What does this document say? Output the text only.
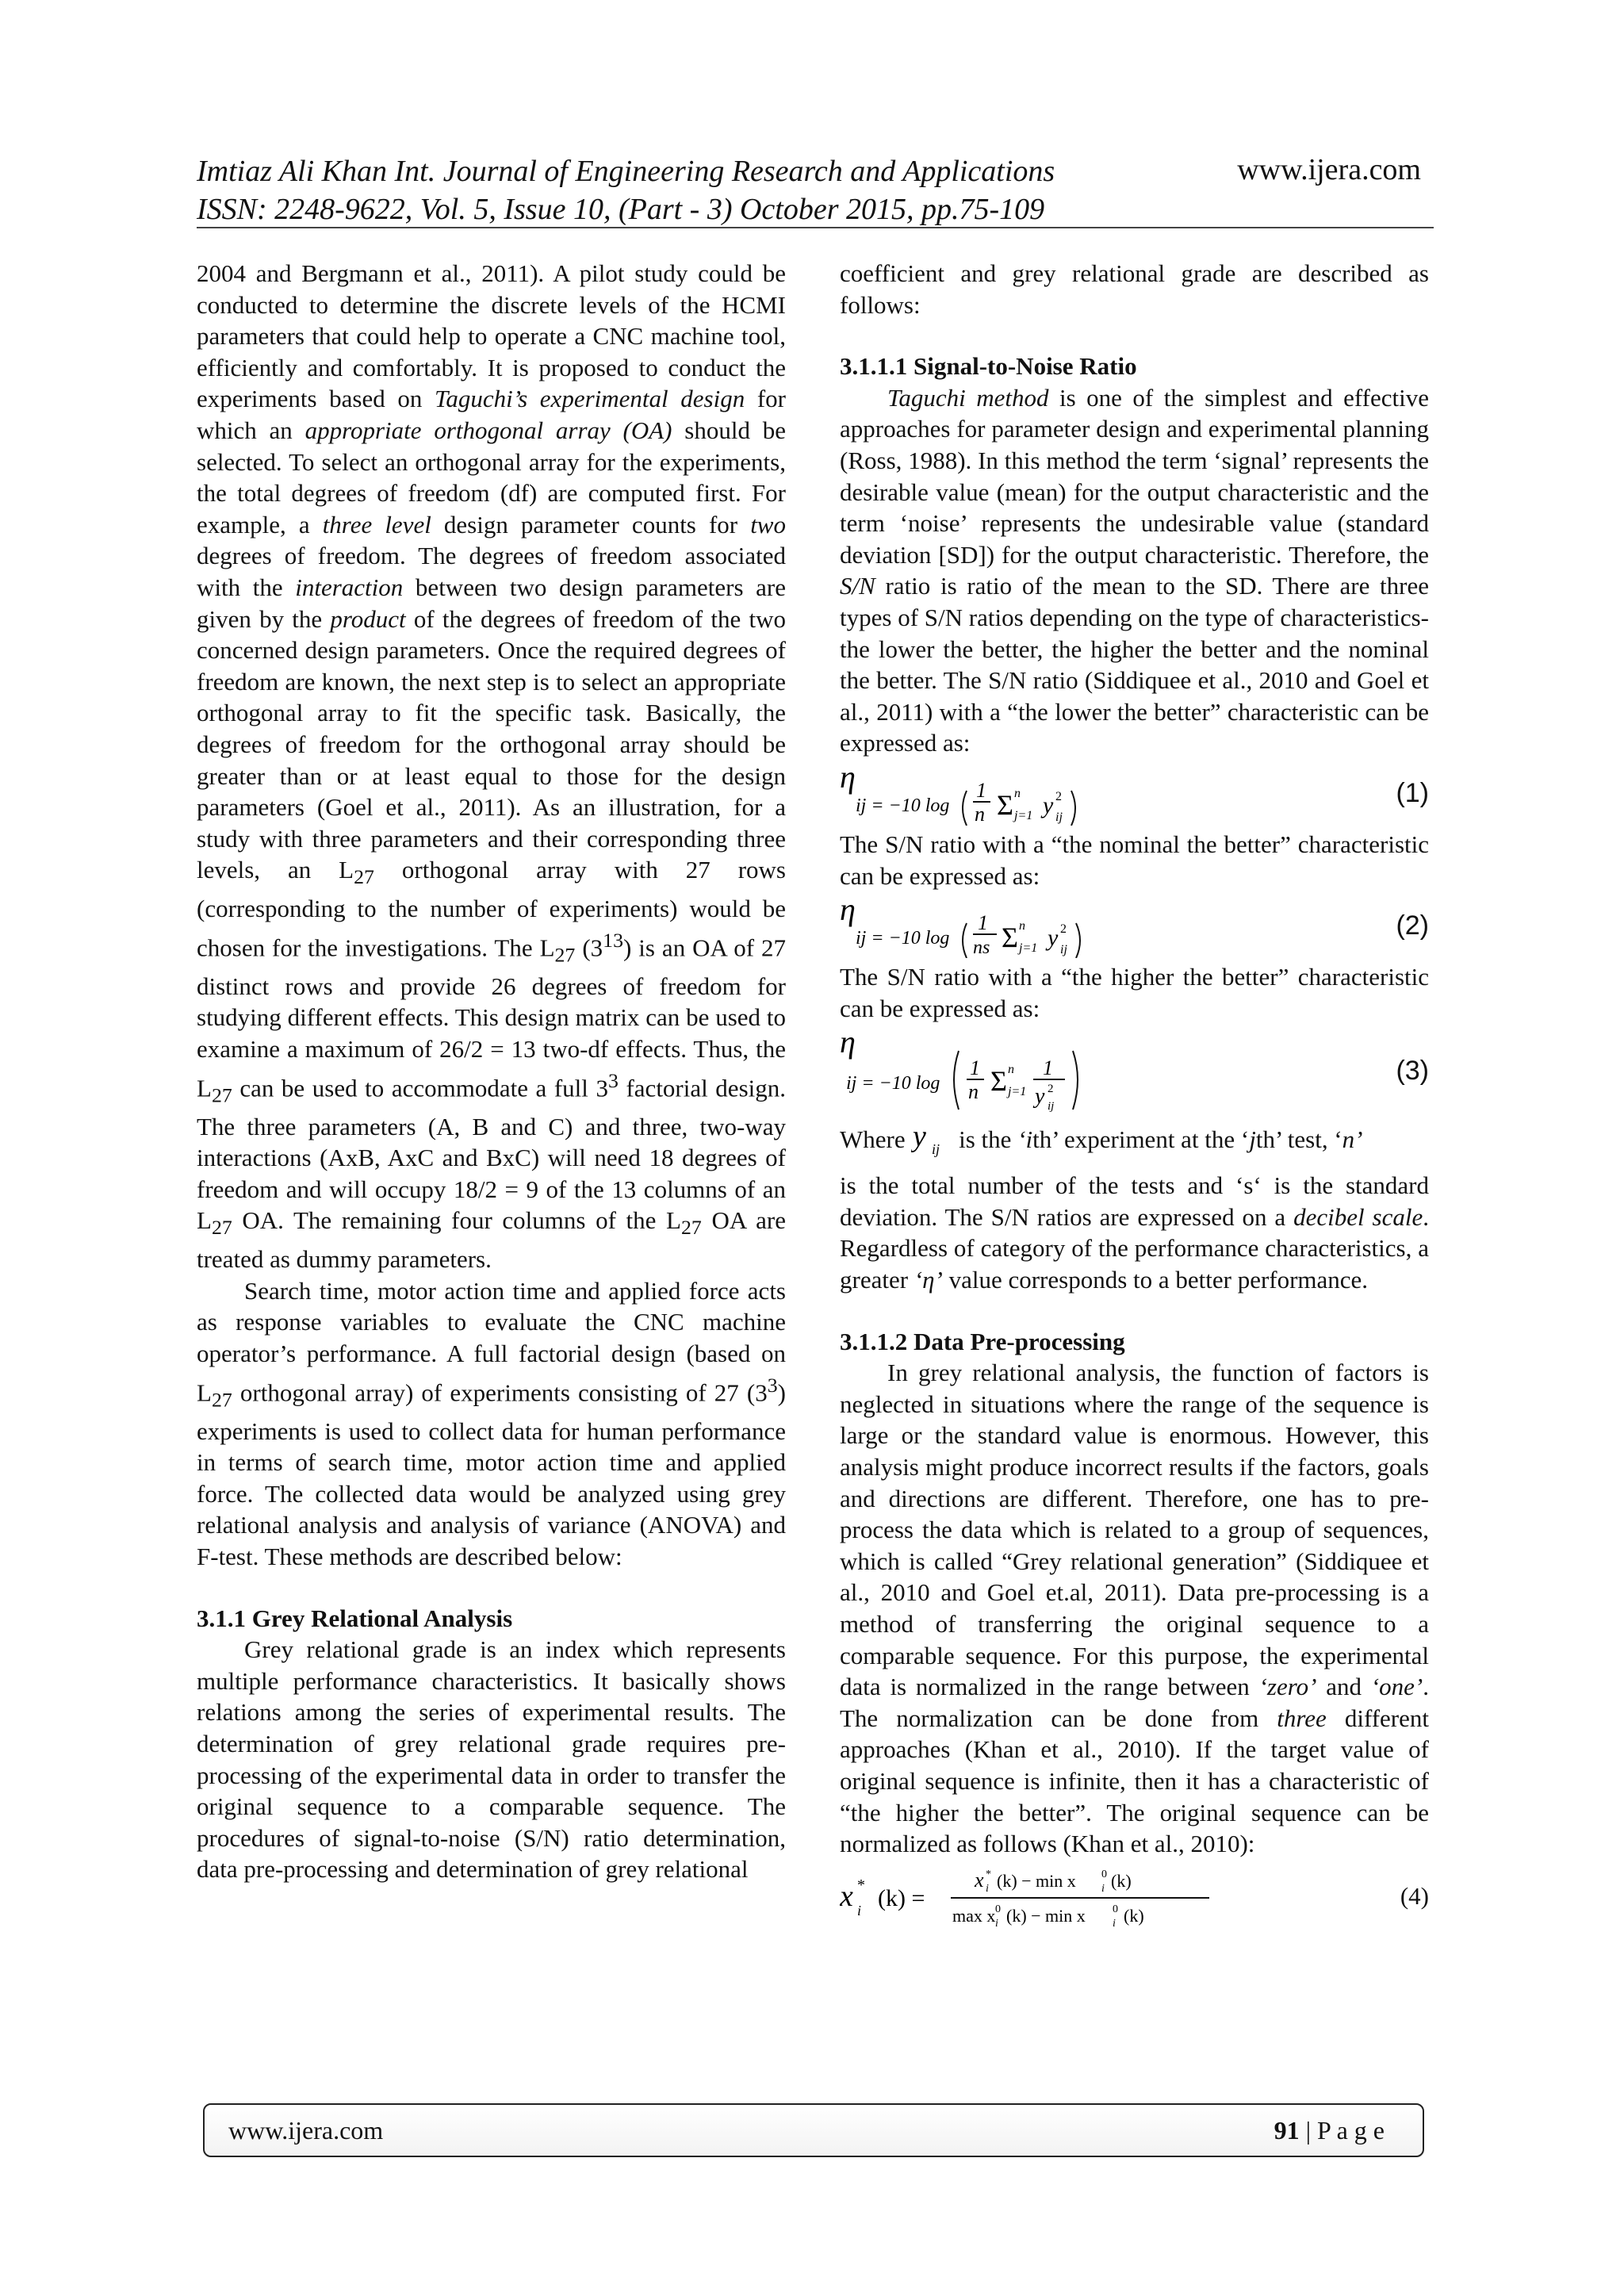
Imtiaz Ali Khan Int. Journal of Engineering Research and Applications	www.ijera.com
ISSN: 2248-9622, Vol. 5, Issue 10, (Part - 3) October 2015, pp.75-109

2004 and Bergmann et al., 2011). A pilot study could be conducted to determine the discrete levels of the HCMI parameters that could help to operate a CNC machine tool, efficiently and comfortably. It is proposed to conduct the experiments based on Taguchi’s experimental design for which an appropriate orthogonal array (OA) should be selected. To select an orthogonal array for the experiments, the total degrees of freedom (df) are computed first. For example, a three level design parameter counts for two degrees of freedom. The degrees of freedom associated with the interaction between two design parameters are given by the product of the degrees of freedom of the two concerned design parameters. Once the required degrees of freedom are known, the next step is to select an appropriate orthogonal array to fit the specific task. Basically, the degrees of freedom for the orthogonal array should be greater than or at least equal to those for the design parameters (Goel et al., 2011). As an illustration, for a study with three parameters and their corresponding three levels, an $L_{27}$ orthogonal array with 27 rows (corresponding to the number of experiments) would be chosen for the investigations. The $L_{27}$ $(3^{13})$ is an OA of 27 distinct rows and provide 26 degrees of freedom for studying different effects. This design matrix can be used to examine a maximum of 26/2 = 13 two-df effects. Thus, the $L_{27}$ can be used to accommodate a full $3^3$ factorial design. The three parameters (A, B and C) and three, two-way interactions (AxB, AxC and BxC) will need 18 degrees of freedom and will occupy 18/2 = 9 of the 13 columns of an $L_{27}$ OA. The remaining four columns of the $L_{27}$ OA are treated as dummy parameters.

Search time, motor action time and applied force acts as response variables to evaluate the CNC machine operator’s performance. A full factorial design (based on $L_{27}$ orthogonal array) of experiments consisting of 27 $(3^3)$ experiments is used to collect data for human performance in terms of search time, motor action time and applied force. The collected data would be analyzed using grey relational analysis and analysis of variance (ANOVA) and F-test. These methods are described below:

3.1.1 Grey Relational Analysis

Grey relational grade is an index which represents multiple performance characteristics. It basically shows relations among the series of experimental results. The determination of grey relational grade requires pre-processing of the experimental data in order to transfer the original sequence to a comparable sequence. The procedures of signal-to-noise (S/N) ratio determination, data pre-processing and determination of grey relational

coefficient and grey relational grade are described as follows:

3.1.1.1 Signal-to-Noise Ratio

Taguchi method is one of the simplest and effective approaches for parameter design and experimental planning (Ross, 1988). In this method the term ‘signal’ represents the desirable value (mean) for the output characteristic and the term ‘noise’ represents the undesirable value (standard deviation [SD]) for the output characteristic. Therefore, the S/N ratio is ratio of the mean to the SD. There are three types of S/N ratios depending on the type of characteristics- the lower the better, the higher the better and the nominal the better. The S/N ratio (Siddiquee et al., 2010 and Goel et al., 2011) with a “the lower the better” characteristic can be expressed as:

η
ij = −10 log
1
n Σ n
j=1 y 2
ij
(1)

The S/N ratio with a “the nominal the better” characteristic can be expressed as:

η
ij = −10 log
1
ns Σ n
j=1 y 2
ij
(2)

The S/N ratio with a “the higher the better” characteristic can be expressed as:

η
ij = −10 log
1
n Σ n
j=1
1
y 2
ij
(3)

Where y ij is the ‘ith’ experiment at the ‘jth’ test, ‘n’

is the total number of the tests and ‘s‘ is the standard deviation. The S/N ratios are expressed on a decibel scale. Regardless of category of the performance characteristics, a greater ‘η’ value corresponds to a better performance.

3.1.1.2 Data Pre-processing

In grey relational analysis, the function of factors is neglected in situations where the range of the sequence is large or the standard value is enormous. However, this analysis might produce incorrect results if the factors, goals and directions are different. Therefore, one has to pre-process the data which is related to a group of sequences, which is called “Grey relational generation” (Siddiquee et al., 2010 and Goel et.al, 2011). Data pre-processing is a method of transferring the original sequence to a comparable sequence. For this purpose, the experimental data is normalized in the range between ‘zero’ and ‘one’. The normalization can be done from three different approaches (Khan et al., 2010). If the target value of original sequence is infinite, then it has a characteristic of “the higher the better”. The original sequence can be normalized as follows (Khan et al., 2010):

x *
i (k) =
x *
i (k) − min x 0
i (k)
max x 0
i (k) − min x 0
i (k)
(4)
www.ijera.com	91 | P a g e
